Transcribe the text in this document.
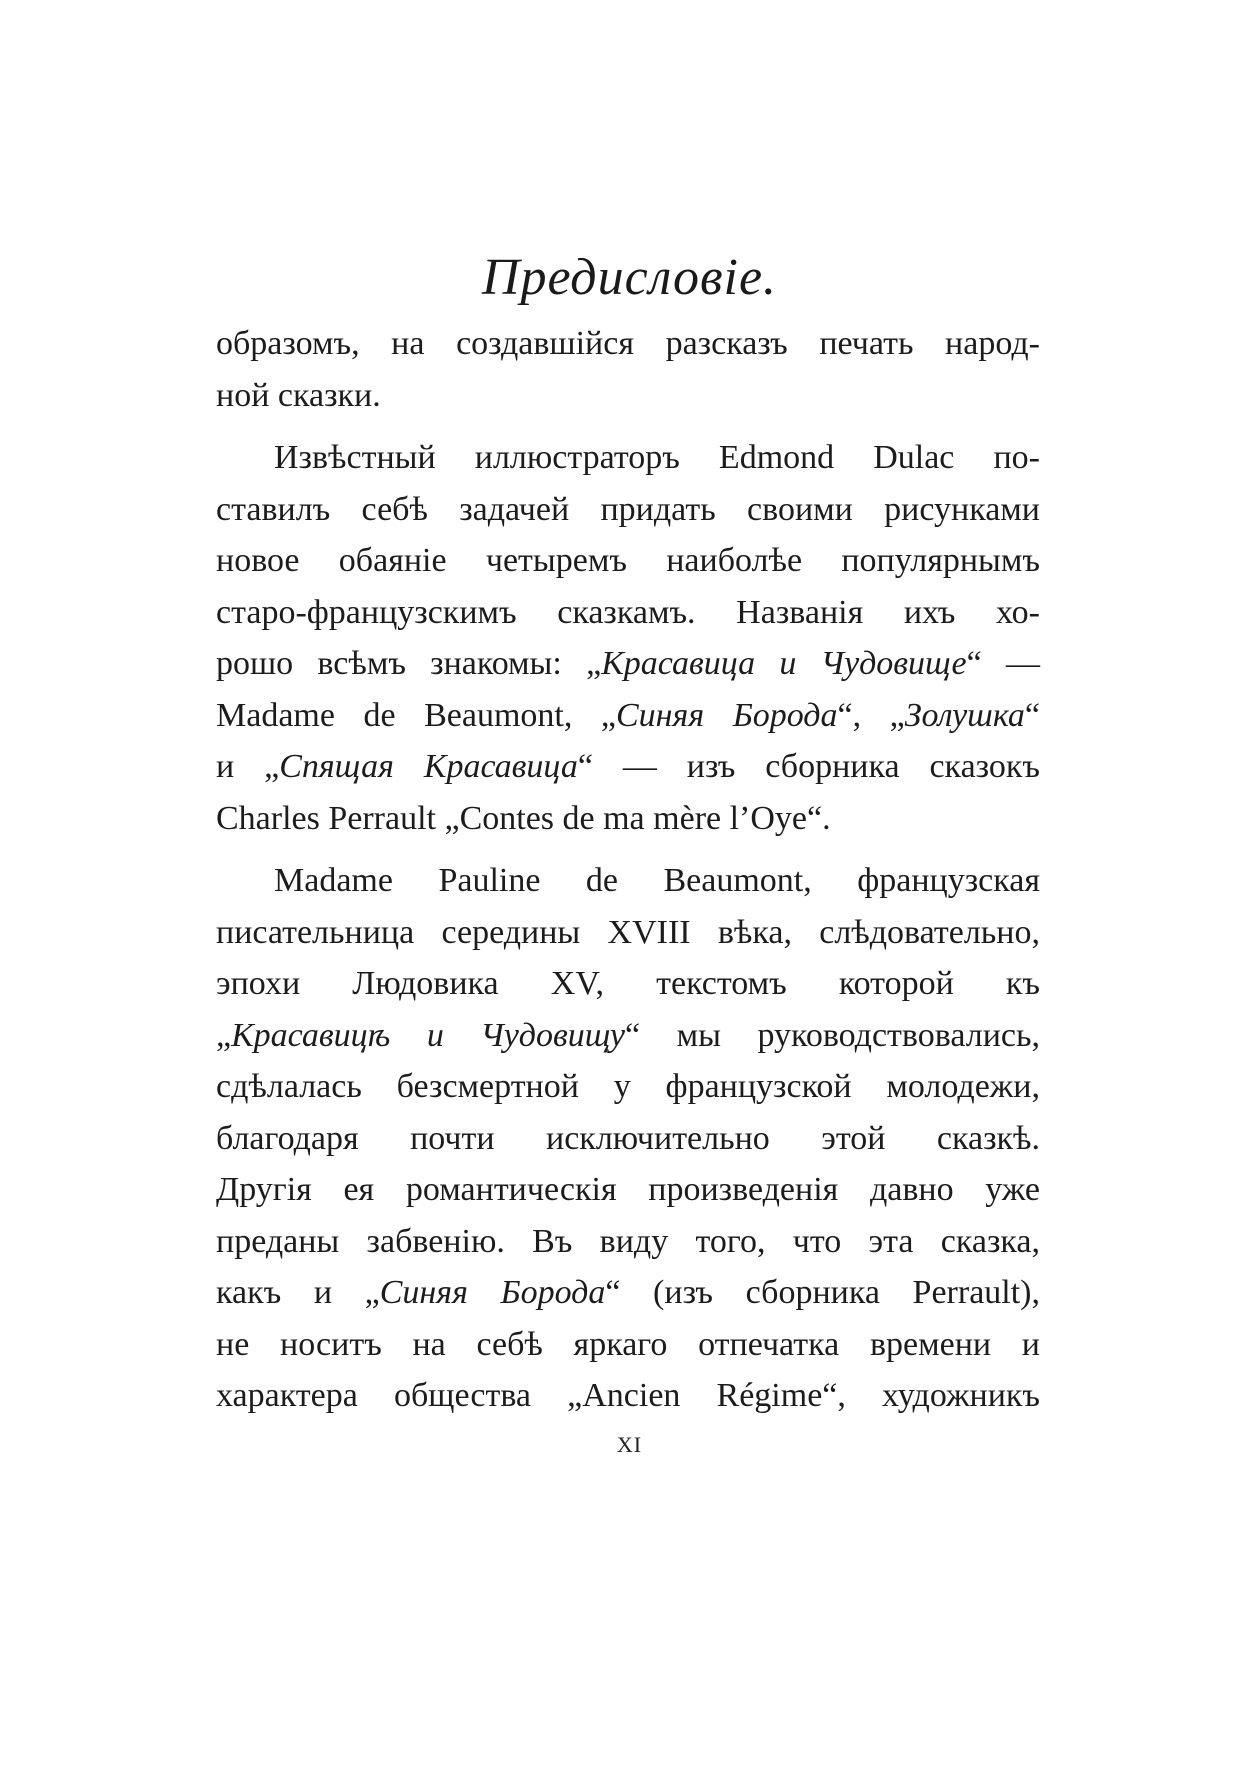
Предисловіе.
образомъ, на создавшійся разсказъ печать народ-
ной сказки.
Извѣстный иллюстраторъ Edmond Dulac по-
ставилъ себѣ задачей придать своими рисунками
новое обаяніе четыремъ наиболѣе популярнымъ
старо-французскимъ сказкамъ. Названія ихъ хо-
рошо всѣмъ знакомы: „Красавица и Чудовище“ —
Madame de Beaumont, „Синяя Борода“, „Золушка“
и „Спящая Красавица“ — изъ сборника сказокъ
Charles Perrault „Contes de ma mère l’Oye“.
Madame Pauline de Beaumont, французская
писательница середины XVIII вѣка, слѣдовательно,
эпохи Людовика XV, текстомъ которой къ
„Красавицѣ и Чудовищу“ мы руководствовались,
сдѣлалась безсмертной у французской молодежи,
благодаря почти исключительно этой сказкѣ.
Другія ея романтическія произведенія давно уже
преданы забвенію. Въ виду того, что эта сказка,
какъ и „Синяя Борода“ (изъ сборника Perrault),
не носитъ на себѣ яркаго отпечатка времени и
характера общества „Ancien Régime“, художникъ
XI
